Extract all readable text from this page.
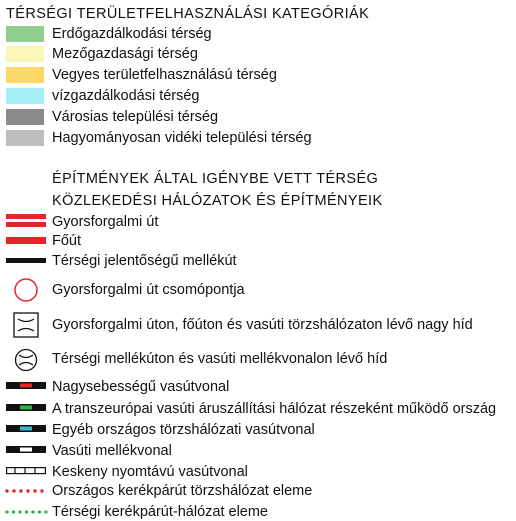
TÉRSÉGI TERÜLETFELHASZNÁLÁSI KATEGÓRIÁK
Erdőgazdálkodási térség
Mezőgazdasági térség
Vegyes területfelhasználású térség
vízgazdálkodási térség
Városias települési térség
Hagyományosan vidéki települési térség
ÉPÍTMÉNYEK ÁLTAL IGÉNYBE VETT TÉRSÉG
KÖZLEKEDÉSI HÁLÓZATOK ÉS ÉPÍTMÉNYEIK
Gyorsforgalmi út
Főút
Térségi jelentőségű mellékút
Gyorsforgalmi út csomópontja
Gyorsforgalmi úton, főúton és vasúti törzshálózaton lévő nagy híd
Térségi mellékúton és vasúti mellékvonalon lévő híd
Nagysebességű vasútvonal
A transzeurópai vasúti áruszállítási hálózat részeként működő ország
Egyéb országos törzshálózati vasútvonal
Vasúti mellékvonal
Keskeny nyomtávú vasútvonal
Országos kerékpárút törzshálózat eleme
Térségi kerékpárút-hálózat eleme
